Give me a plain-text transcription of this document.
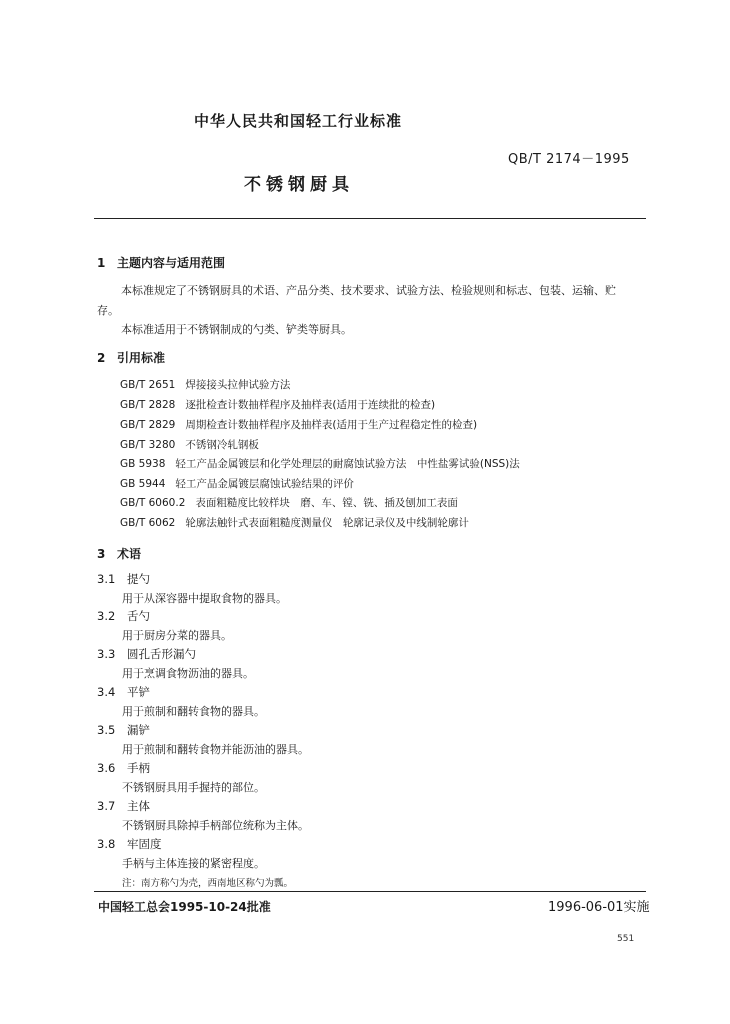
中华人民共和国轻工行业标准
QB/T 2174－1995
不锈钢厨具
1 主题内容与适用范围
本标准规定了不锈钢厨具的术语、产品分类、技术要求、试验方法、检验规则和标志、包装、运输、贮
存。
本标准适用于不锈钢制成的勺类、铲类等厨具。
2 引用标准
GB/T 2651 焊接接头拉伸试验方法
GB/T 2828 逐批检查计数抽样程序及抽样表(适用于连续批的检查)
GB/T 2829 周期检查计数抽样程序及抽样表(适用于生产过程稳定性的检查)
GB/T 3280 不锈钢冷轧钢板
GB 5938 轻工产品金属镀层和化学处理层的耐腐蚀试验方法　中性盐雾试验(NSS)法
GB 5944 轻工产品金属镀层腐蚀试验结果的评价
GB/T 6060.2 表面粗糙度比较样块　磨、车、镗、铣、插及刨加工表面
GB/T 6062 轮廓法触针式表面粗糙度测量仪　轮廓记录仪及中线制轮廓计
3 术语
3.1 提勺
用于从深容器中提取食物的器具。
3.2 舌勺
用于厨房分菜的器具。
3.3 圆孔舌形漏勺
用于烹调食物沥油的器具。
3.4 平铲
用于煎制和翻转食物的器具。
3.5 漏铲
用于煎制和翻转食物并能沥油的器具。
3.6 手柄
不锈钢厨具用手握持的部位。
3.7 主体
不锈钢厨具除掉手柄部位统称为主体。
3.8 牢固度
手柄与主体连接的紧密程度。
注：南方称勺为壳，西南地区称勺为瓢。
中国轻工总会1995-10-24批准	1996-06-01实施
551
